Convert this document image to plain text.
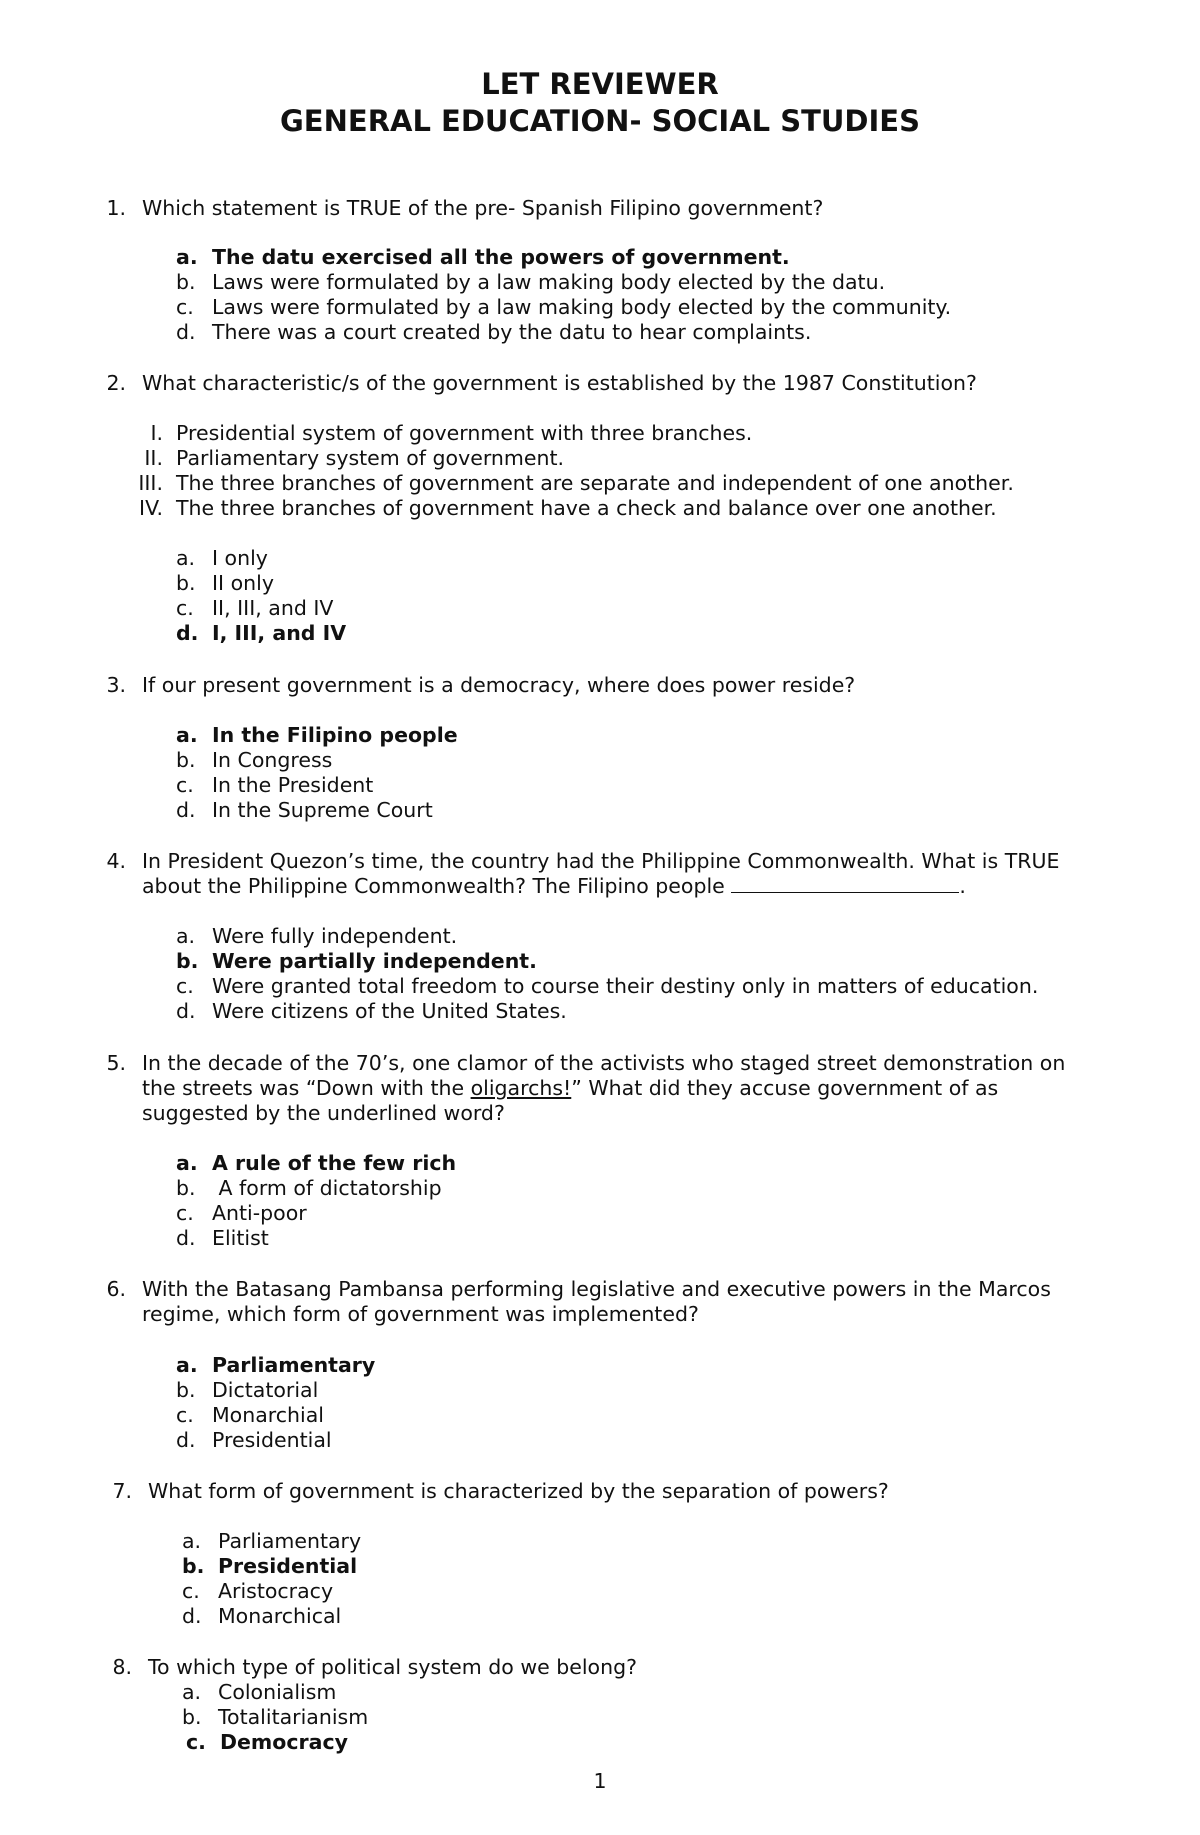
LET REVIEWER
GENERAL EDUCATION- SOCIAL STUDIES
1. Which statement is TRUE of the pre- Spanish Filipino government?
a. The datu exercised all the powers of government.
b. Laws were formulated by a law making body elected by the datu.
c. Laws were formulated by a law making body elected by the community.
d. There was a court created by the datu to hear complaints.
2. What characteristic/s of the government is established by the 1987 Constitution?
I. Presidential system of government with three branches.
II. Parliamentary system of government.
III. The three branches of government are separate and independent of one another.
IV. The three branches of government have a check and balance over one another.
a. I only
b. II only
c. II, III, and IV
d. I, III, and IV
3. If our present government is a democracy, where does power reside?
a. In the Filipino people
b. In Congress
c. In the President
d. In the Supreme Court
4. In President Quezon’s time, the country had the Philippine Commonwealth. What is TRUE
about the Philippine Commonwealth? The Filipino people	.
a. Were fully independent.
b. Were partially independent.
c. Were granted total freedom to course their destiny only in matters of education.
d. Were citizens of the United States.
5. In the decade of the 70’s, one clamor of the activists who staged street demonstration on
the streets was “Down with the oligarchs!” What did they accuse government of as
suggested by the underlined word?
a. A rule of the few rich
b. A form of dictatorship
c. Anti-poor
d. Elitist
6. With the Batasang Pambansa performing legislative and executive powers in the Marcos
regime, which form of government was implemented?
a. Parliamentary
b. Dictatorial
c. Monarchial
d. Presidential
7. What form of government is characterized by the separation of powers?
a. Parliamentary
b. Presidential
c. Aristocracy
d. Monarchical
8. To which type of political system do we belong?
a. Colonialism
b. Totalitarianism
c. Democracy
1
